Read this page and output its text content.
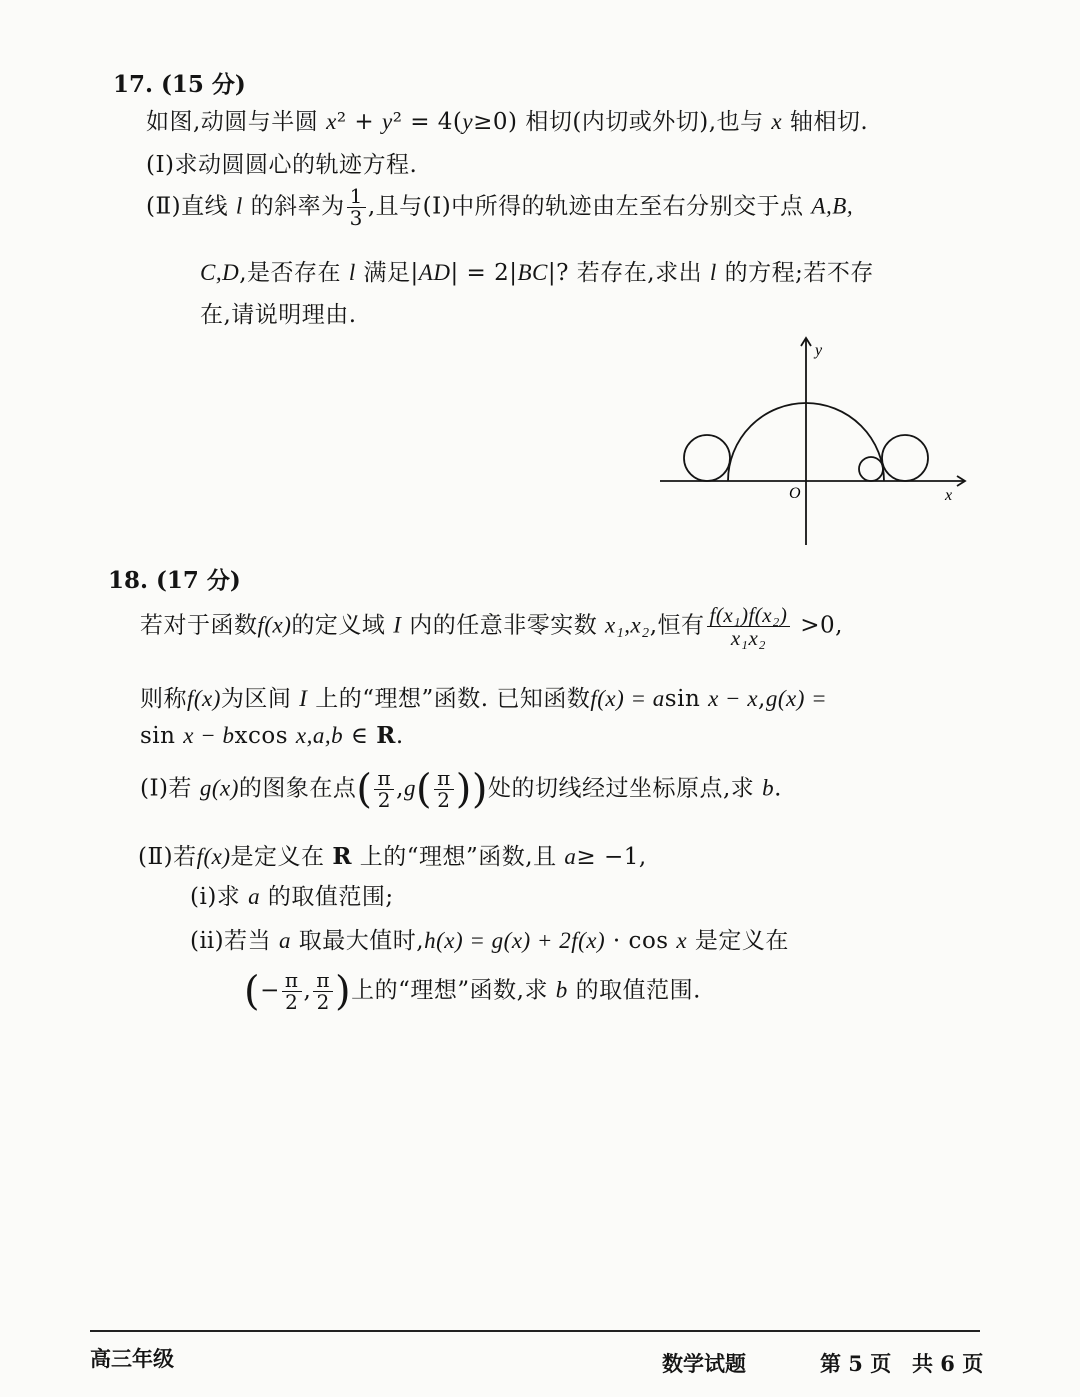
17. (15 分)
如图,动圆与半圆 x² + y² = 4(y≥0) 相切(内切或外切),也与 x 轴相切.
(Ⅰ)求动圆圆心的轨迹方程.
(Ⅱ)直线 l 的斜率为 $\frac{1}{3}$ ,且与(Ⅰ)中所得的轨迹由左至右分别交于点 A,B,
C,D,是否存在 l 满足|AD| = 2|BC|? 若存在,求出 l 的方程;若不存
在,请说明理由.
y
x
O
18. (17 分)
若对于函数f(x)的定义域 I 内的任意非零实数 x₁,x₂,恒有 $\frac{\text{f(x₁)f(x₂)}}{\text{x₁x₂}} >0$,
则称f(x)为区间 I 上的“理想”函数. 已知函数f(x) = asin x − x,g(x) =
sin x − bxcos x,a,b ∈ R.
(Ⅰ)若 g(x)的图象在点( $\frac{\pi}{2} ,g( \frac{\pi}{2}$ ))处的切线经过坐标原点,求 b.
(Ⅱ)若f(x)是定义在 R 上的“理想”函数,且 a≥ −1,
(ⅰ)求 a 的取值范围;
(ⅱ)若当 a 取最大值时,h(x) = g(x) + 2f(x) · cos x 是定义在
(− $\frac{\pi}{2}$ , $\frac{\pi}{2}$ )上的“理想”函数,求 b 的取值范围.
高三年级	数学试题	第 5 页 共 6 页
